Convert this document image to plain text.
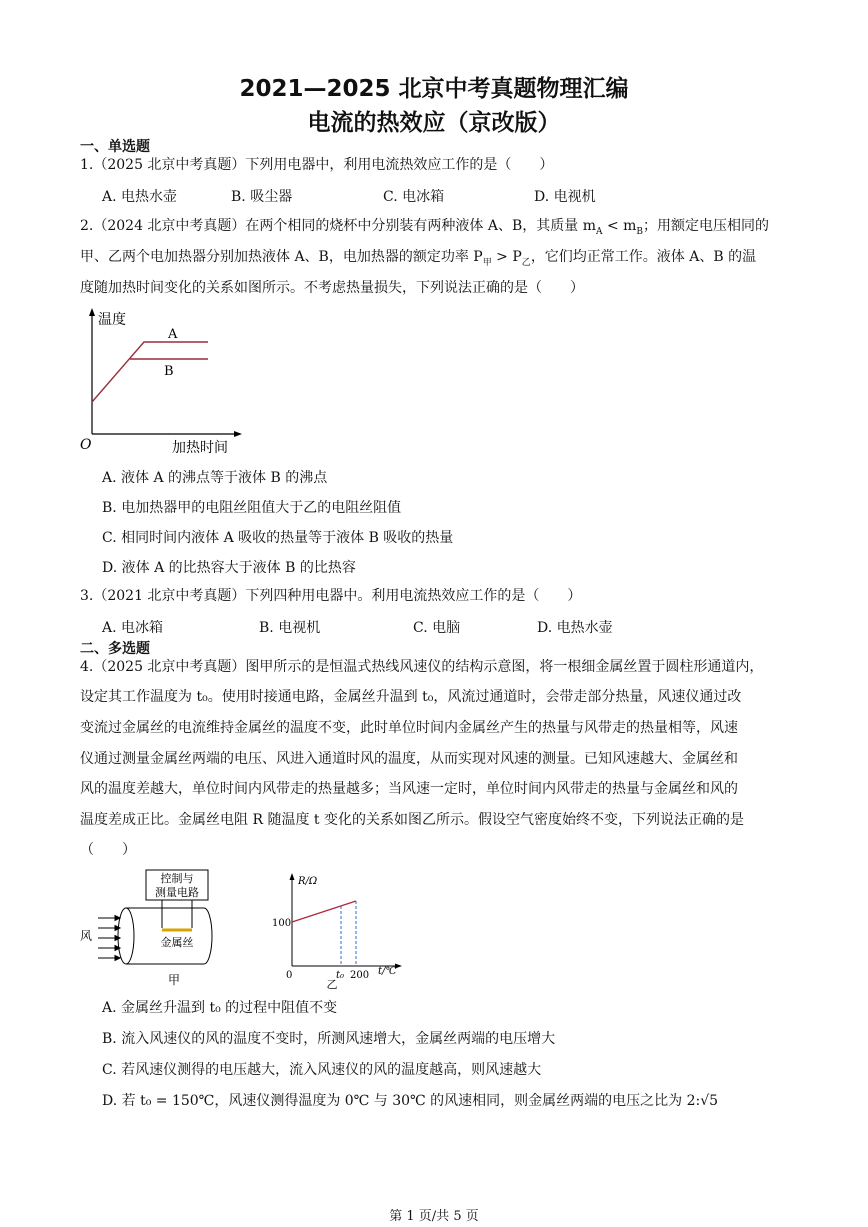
2021—2025 北京中考真题物理汇编
电流的热效应（京改版）
一、单选题
1.（2025 北京中考真题）下列用电器中，利用电流热效应工作的是（　　）
A. 电热水壶	B. 吸尘器	C. 电冰箱	D. 电视机
2.（2024 北京中考真题）在两个相同的烧杯中分别装有两种液体 A、B，其质量 $m_A < m_B$；用额定电压相同的
甲、乙两个电加热器分别加热液体 A、B，电加热器的额定功率 $P_甲 > P_乙$，它们均正常工作。液体 A、B 的温
度随加热时间变化的关系如图所示。不考虑热量损失，下列说法正确的是（　　）
温度
加热时间
O
A
B
A. 液体 A 的沸点等于液体 B 的沸点
B. 电加热器甲的电阻丝阻值大于乙的电阻丝阻值
C. 相同时间内液体 A 吸收的热量等于液体 B 吸收的热量
D. 液体 A 的比热容大于液体 B 的比热容
3.（2021 北京中考真题）下列四种用电器中。利用电流热效应工作的是（　　）
A. 电冰箱	B. 电视机	C. 电脑	D. 电热水壶
二、多选题
4.（2025 北京中考真题）图甲所示的是恒温式热线风速仪的结构示意图，将一根细金属丝置于圆柱形通道内，
设定其工作温度为 t₀。使用时接通电路，金属丝升温到 t₀，风流过通道时，会带走部分热量，风速仪通过改
变流过金属丝的电流维持金属丝的温度不变，此时单位时间内金属丝产生的热量与风带走的热量相等，风速
仪通过测量金属丝两端的电压、风进入通道时风的温度，从而实现对风速的测量。已知风速越大、金属丝和
风的温度差越大，单位时间内风带走的热量越多；当风速一定时，单位时间内风带走的热量与金属丝和风的
温度差成正比。金属丝电阻 R 随温度 t 变化的关系如图乙所示。假设空气密度始终不变，下列说法正确的是
（　　）
控制与
测量电路
金属丝
风
甲
R/Ω
t/℃
100
0	t₀ 200
乙
A. 金属丝升温到 t₀ 的过程中阻值不变
B. 流入风速仪的风的温度不变时，所测风速增大，金属丝两端的电压增大
C. 若风速仪测得的电压越大，流入风速仪的风的温度越高，则风速越大
D. 若 t₀ = 150℃，风速仪测得温度为 0℃ 与 30℃ 的风速相同，则金属丝两端的电压之比为 2:√5
第 1 页/共 5 页
